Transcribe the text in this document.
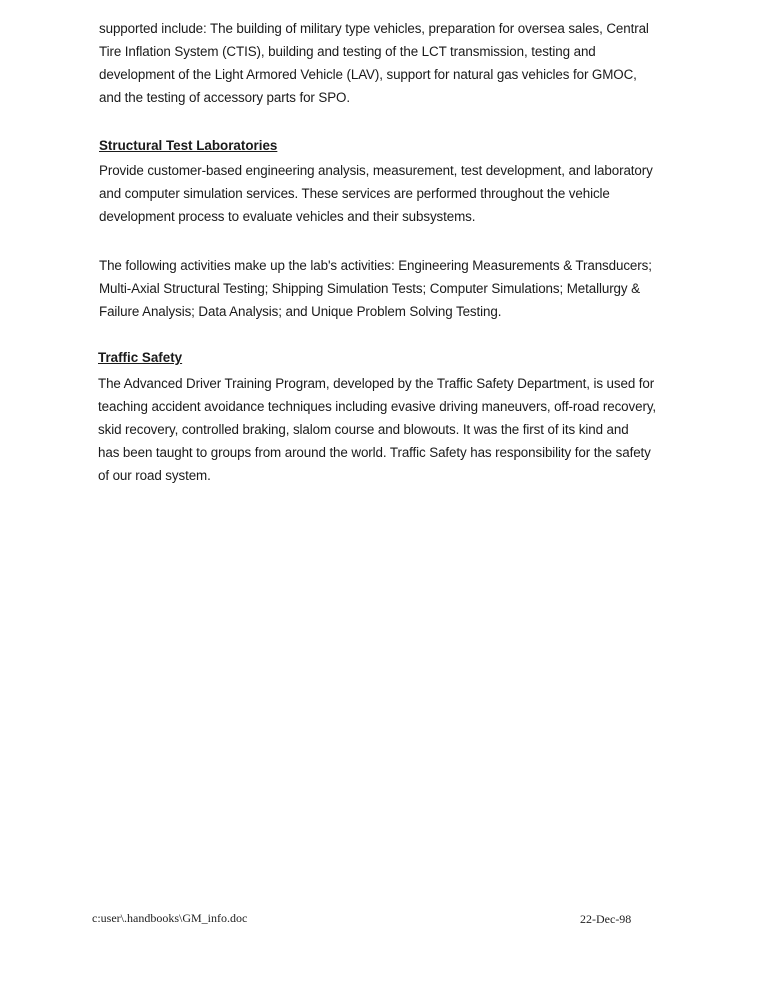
supported include: The building of military type vehicles, preparation for oversea sales, Central
Tire Inflation System (CTIS), building and testing of the LCT transmission, testing and
development of the Light Armored Vehicle (LAV), support for natural gas vehicles for GMOC,
and the testing of accessory parts for SPO.
Structural Test Laboratories
Provide customer-based engineering analysis, measurement, test development, and laboratory
and computer simulation services. These services are performed throughout the vehicle
development process to evaluate vehicles and their subsystems.
The following activities make up the lab's activities: Engineering Measurements & Transducers;
Multi-Axial Structural Testing; Shipping Simulation Tests; Computer Simulations; Metallurgy &
Failure Analysis; Data Analysis; and Unique Problem Solving Testing.
Traffic Safety
The Advanced Driver Training Program, developed by the Traffic Safety Department, is used for
teaching accident avoidance techniques including evasive driving maneuvers, off-road recovery,
skid recovery, controlled braking, slalom course and blowouts. It was the first of its kind and
has been taught to groups from around the world. Traffic Safety has responsibility for the safety
of our road system.
c:user\.handbooks\GM_info.doc	22-Dec-98
